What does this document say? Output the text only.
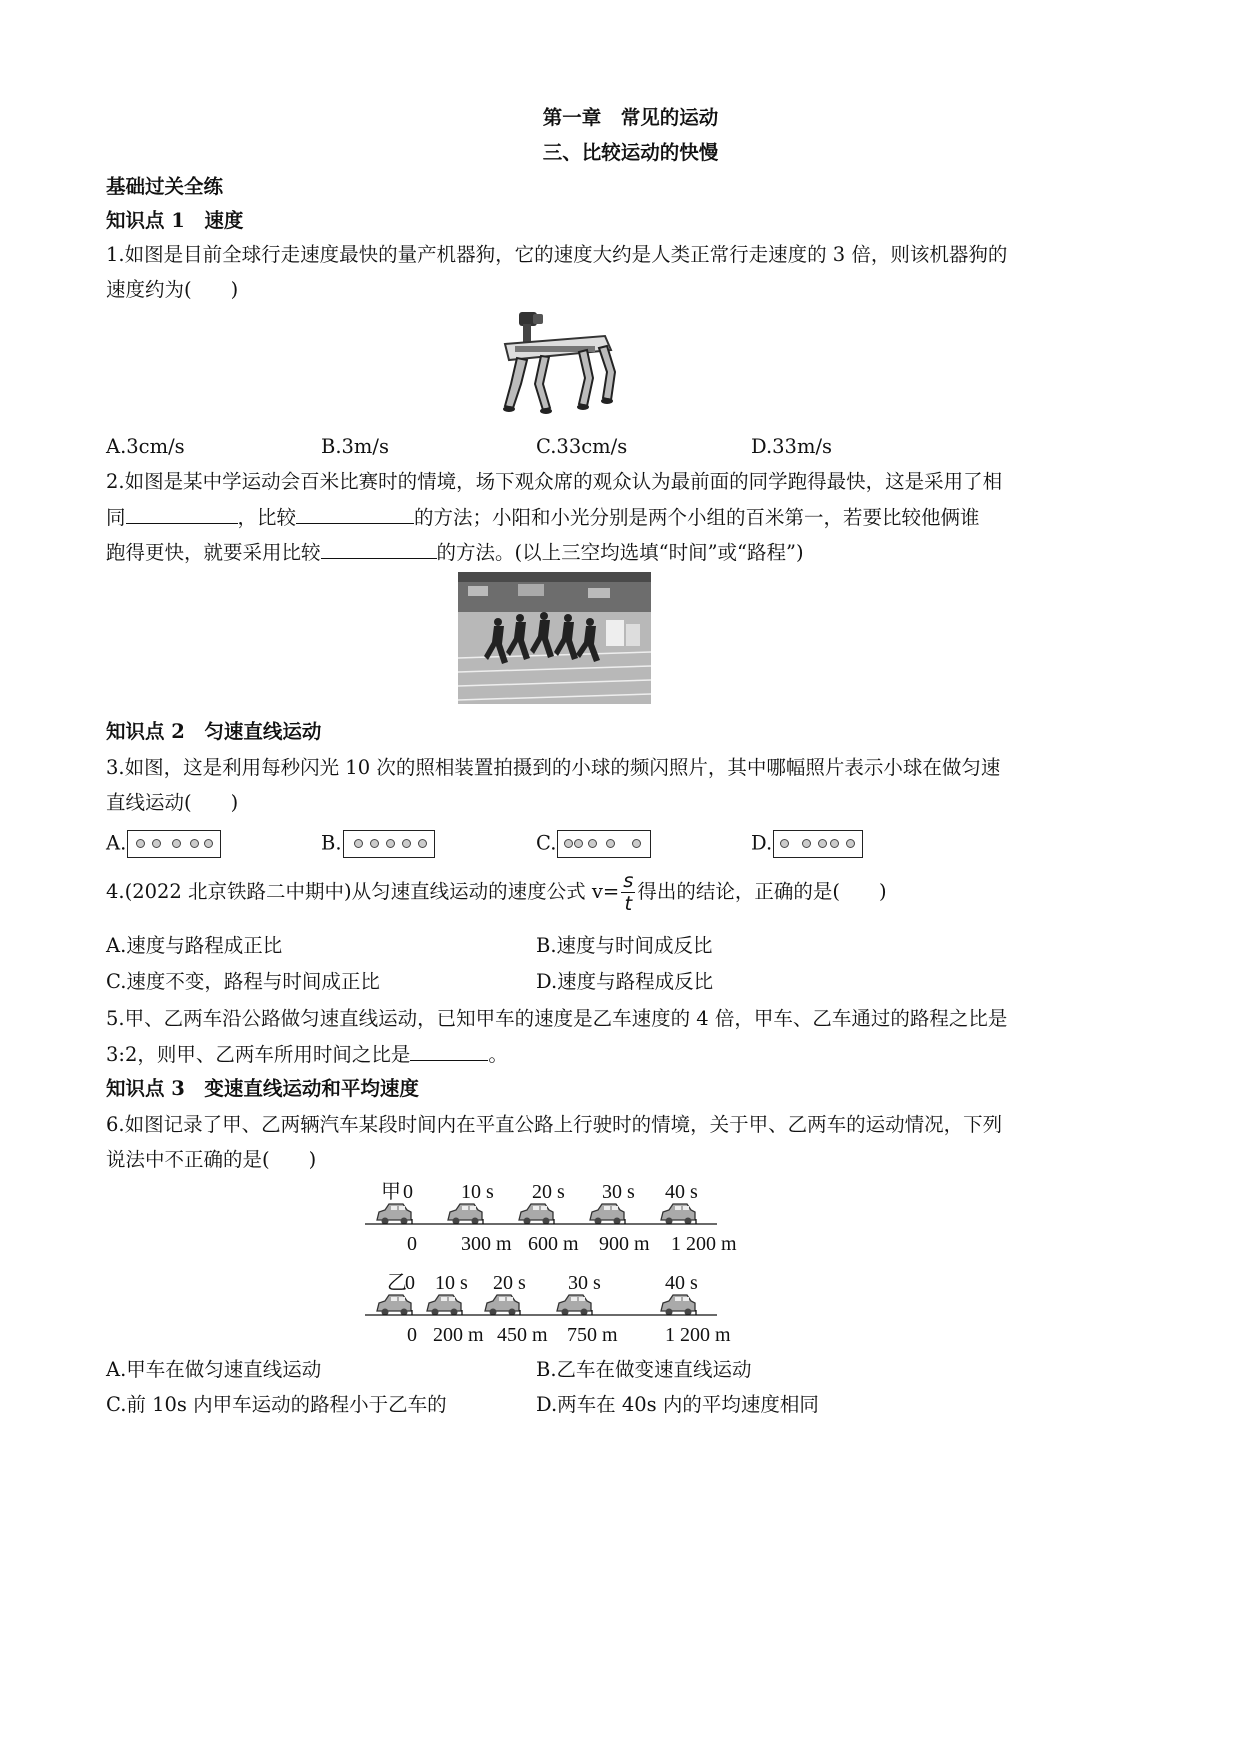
第一章　常见的运动
三、比较运动的快慢
基础过关全练
知识点 1　速度
1.如图是目前全球行走速度最快的量产机器狗，它的速度大约是人类正常行走速度的 3 倍，则该机器狗的
速度约为(　　)
A.3cm/s	B.3m/s	C.33cm/s	D.33m/s
2.如图是某中学运动会百米比赛时的情境，场下观众席的观众认为最前面的同学跑得最快，这是采用了相
同	，比较	的方法；小阳和小光分别是两个小组的百米第一，若要比较他俩谁
跑得更快，就要采用比较	的方法。(以上三空均选填“时间”或“路程”)
知识点 2　匀速直线运动
3.如图，这是利用每秒闪光 10 次的照相装置拍摄到的小球的频闪照片，其中哪幅照片表示小球在做匀速
直线运动(　　)
A.	B.	C.	D.
4.(2022 北京铁路二中期中)从匀速直线运动的速度公式 $v= \frac{s}{t}$ 得出的结论，正确的是(　　)
A.速度与路程成正比	B.速度与时间成反比
C.速度不变，路程与时间成正比	D.速度与路程成反比
5.甲、乙两车沿公路做匀速直线运动，已知甲车的速度是乙车速度的 4 倍，甲车、乙车通过的路程之比是
3:2，则甲、乙两车所用时间之比是	。
知识点 3　变速直线运动和平均速度
6.如图记录了甲、乙两辆汽车某段时间内在平直公路上行驶时的情境，关于甲、乙两车的运动情况，下列
说法中不正确的是(　　)
甲 0 10 s 20 s 30 s 40 s
0 300 m 600 m 900 m 1 200 m
乙
0 10 s 20 s 30 s	40 s
0 200 m 450 m 750 m 1 200 m
A.甲车在做匀速直线运动	B.乙车在做变速直线运动
C.前 10s 内甲车运动的路程小于乙车的	D.两车在 40s 内的平均速度相同
